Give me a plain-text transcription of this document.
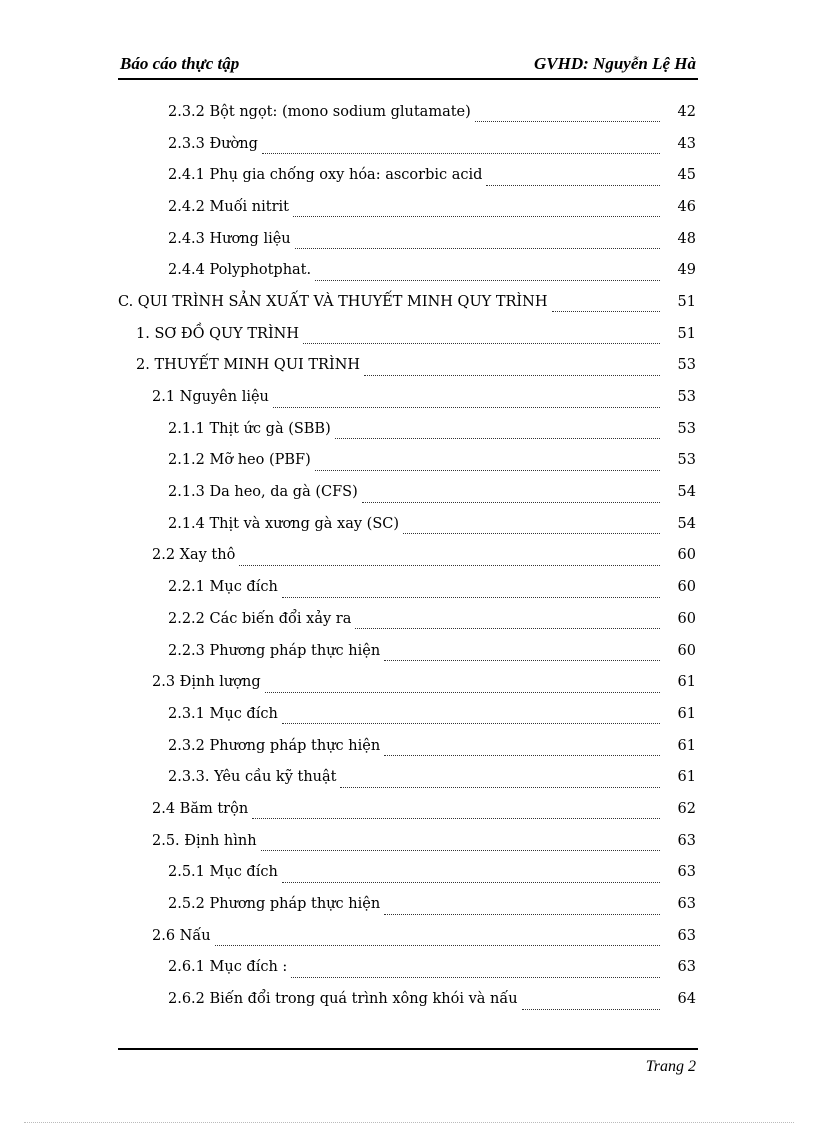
Báo cáo thực tập	GVHD: Nguyễn Lệ Hà
2.3.2 Bột ngọt: (mono sodium glutamate)	42
2.3.3 Đường	43
2.4.1 Phụ gia chống oxy hóa: ascorbic acid	45
2.4.2 Muối nitrit	46
2.4.3 Hương liệu	48
2.4.4 Polyphotphat.	49
C. QUI TRÌNH SẢN XUẤT VÀ THUYẾT MINH QUY TRÌNH	51
1. SƠ ĐỒ QUY TRÌNH	51
2. THUYẾT MINH QUI TRÌNH	53
2.1 Nguyên liệu	53
2.1.1 Thịt ức gà (SBB)	53
2.1.2 Mỡ heo (PBF)	53
2.1.3 Da heo, da gà (CFS)	54
2.1.4 Thịt và xương gà xay (SC)	54
2.2 Xay thô	60
2.2.1 Mục đích	60
2.2.2 Các biến đổi xảy ra	60
2.2.3 Phương pháp thực hiện	60
2.3 Định lượng	61
2.3.1 Mục đích	61
2.3.2 Phương pháp thực hiện	61
2.3.3. Yêu cầu kỹ thuật	61
2.4 Băm trộn	62
2.5. Định hình	63
2.5.1 Mục đích	63
2.5.2 Phương pháp thực hiện	63
2.6 Nấu	63
2.6.1 Mục đích :	63
2.6.2 Biến đổi trong quá trình xông khói và nấu	64
Trang 2
